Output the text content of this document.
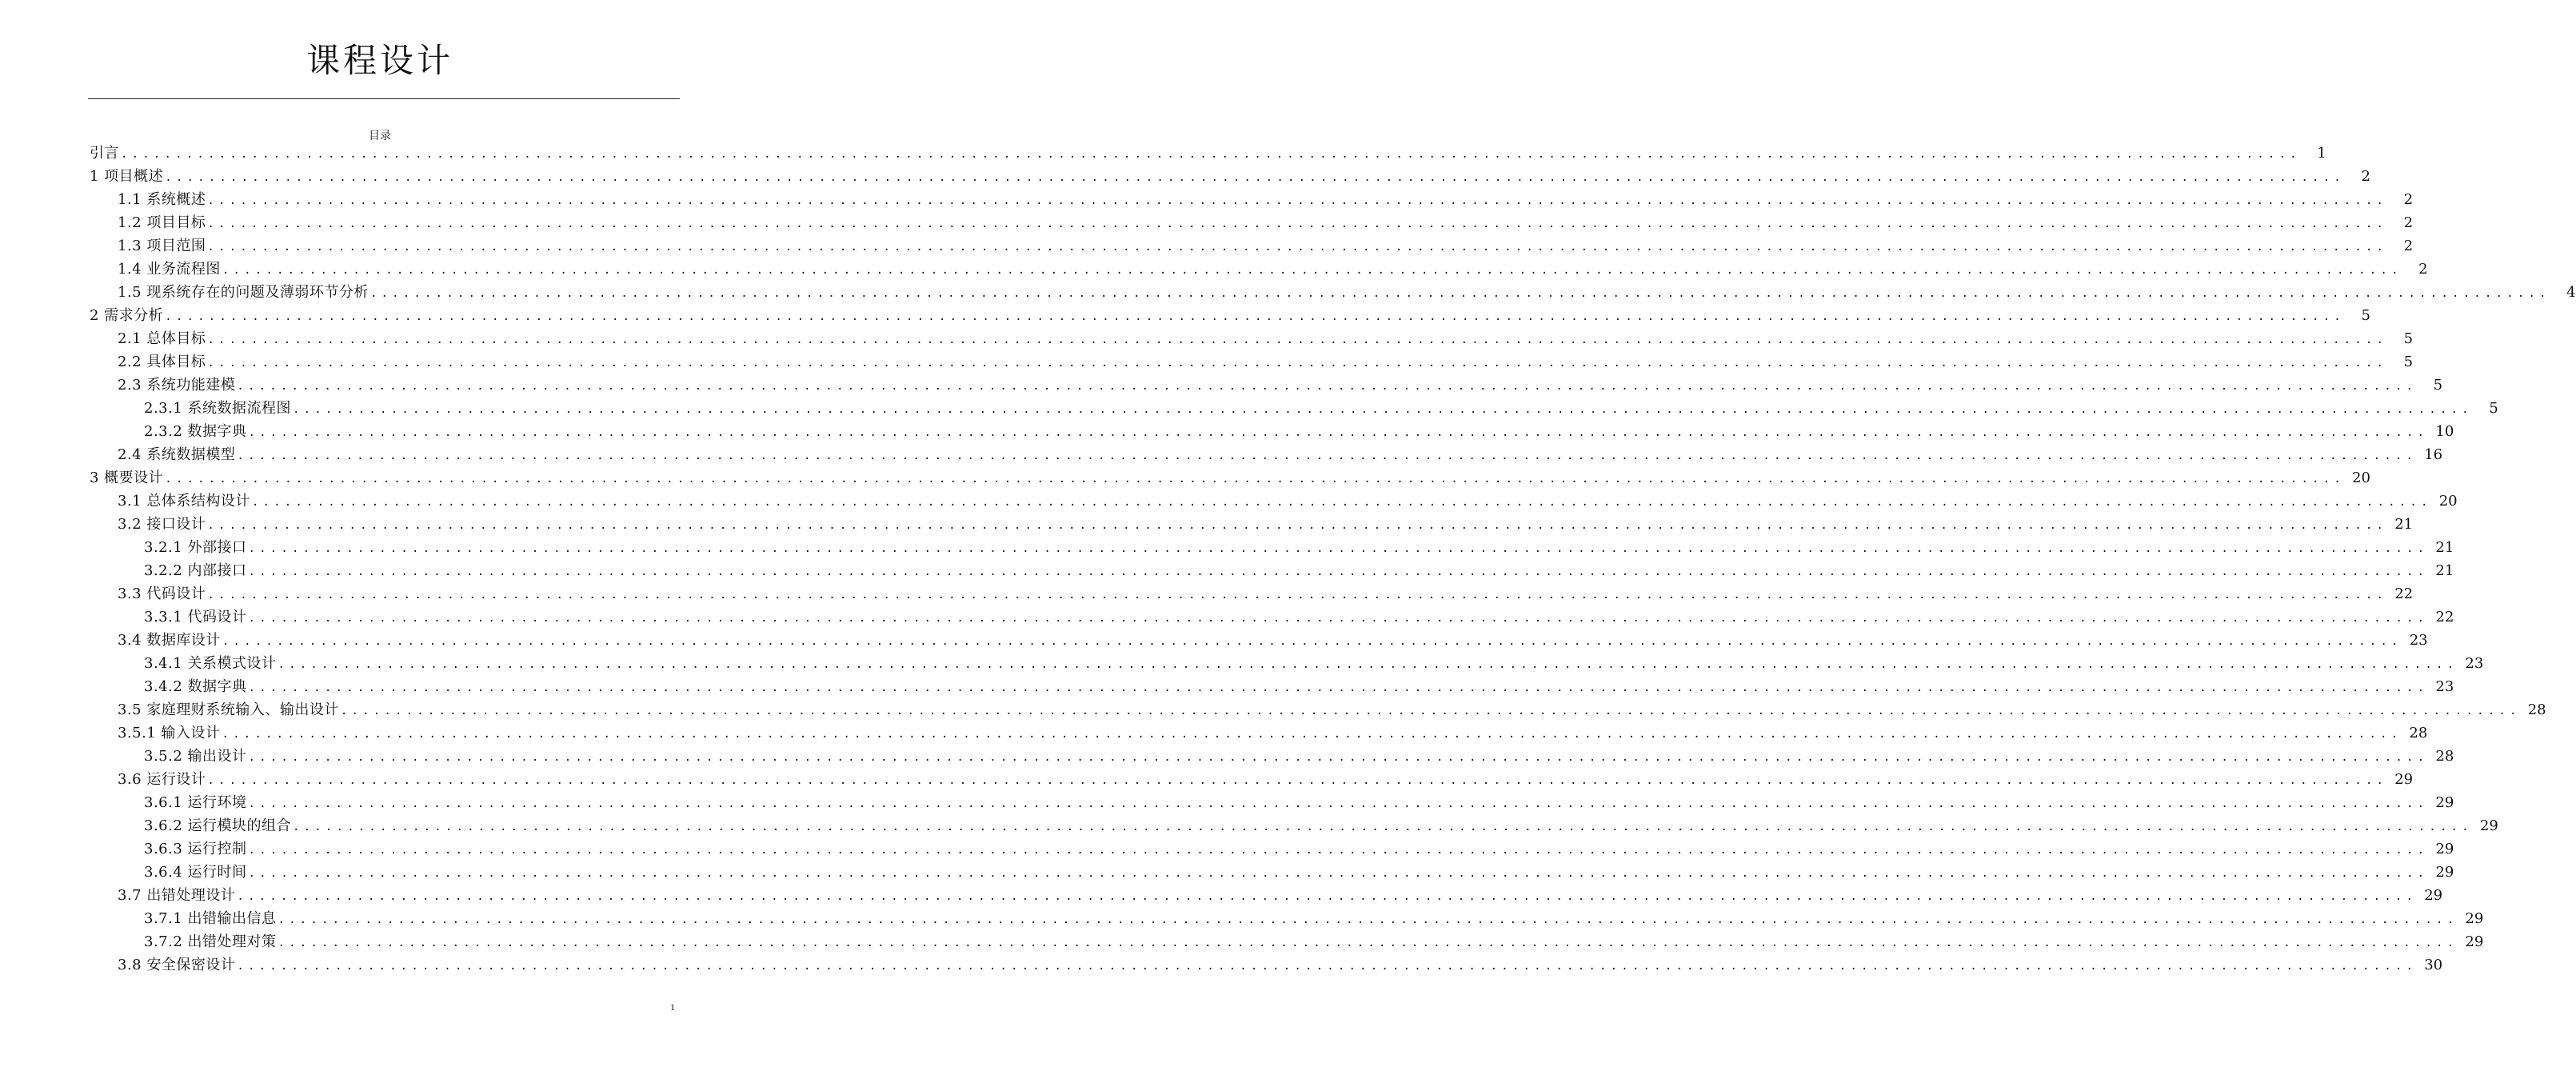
课程设计
目录
引言 ........................................................................................................................................................................................................	1
1 项目概述 ........................................................................................................................................................................................................	2
1.1 系统概述 ........................................................................................................................................................................................................	2
1.2 项目目标 ........................................................................................................................................................................................................	2
1.3 项目范围 ........................................................................................................................................................................................................	2
1.4 业务流程图 ........................................................................................................................................................................................................	2
1.5 现系统存在的问题及薄弱环节分析 ........................................................................................................................................................................................................	4
2 需求分析 ........................................................................................................................................................................................................	5
2.1 总体目标 ........................................................................................................................................................................................................	5
2.2 具体目标 ........................................................................................................................................................................................................	5
2.3 系统功能建模 ........................................................................................................................................................................................................	5
2.3.1 系统数据流程图 ........................................................................................................................................................................................................	5
2.3.2 数据字典 ........................................................................................................................................................................................................ 10
2.4 系统数据模型 ........................................................................................................................................................................................................ 16
3 概要设计 ........................................................................................................................................................................................................ 20
3.1 总体系结构设计 ........................................................................................................................................................................................................ 20
3.2 接口设计 ........................................................................................................................................................................................................ 21
3.2.1 外部接口 ........................................................................................................................................................................................................ 21
3.2.2 内部接口 ........................................................................................................................................................................................................ 21
3.3 代码设计 ........................................................................................................................................................................................................ 22
3.3.1 代码设计 ........................................................................................................................................................................................................ 22
3.4 数据库设计 ........................................................................................................................................................................................................ 23
3.4.1 关系模式设计 ........................................................................................................................................................................................................ 23
3.4.2 数据字典 ........................................................................................................................................................................................................ 23
3.5 家庭理财系统输入、输出设计 ........................................................................................................................................................................................................ 28
3.5.1 输入设计 ........................................................................................................................................................................................................ 28
3.5.2 输出设计 ........................................................................................................................................................................................................ 28
3.6 运行设计 ........................................................................................................................................................................................................ 29
3.6.1 运行环境 ........................................................................................................................................................................................................ 29
3.6.2 运行模块的组合 ........................................................................................................................................................................................................ 29
3.6.3 运行控制 ........................................................................................................................................................................................................ 29
3.6.4 运行时间 ........................................................................................................................................................................................................ 29
3.7 出错处理设计 ........................................................................................................................................................................................................ 29
3.7.1 出错输出信息 ........................................................................................................................................................................................................ 29
3.7.2 出错处理对策 ........................................................................................................................................................................................................ 29
3.8 安全保密设计 ........................................................................................................................................................................................................ 30
1
